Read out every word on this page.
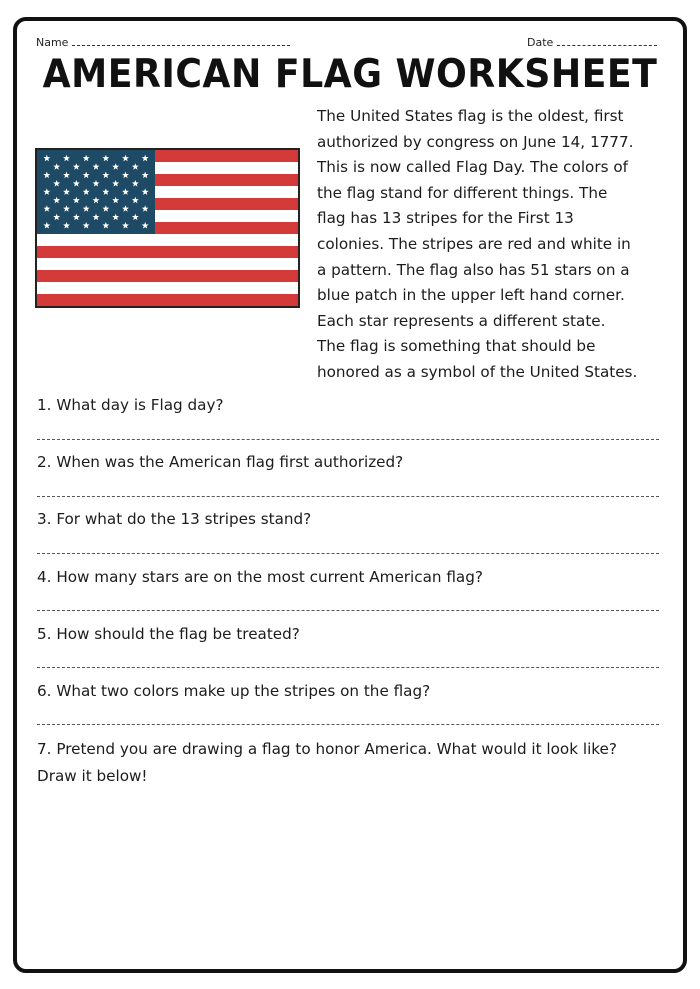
Name	Date
AMERICAN FLAG WORKSHEET
The United States flag is the oldest, first
authorized by congress on June 14, 1777.
This is now called Flag Day. The colors of
the flag stand for different things. The
flag has 13 stripes for the First 13
colonies. The stripes are red and white in
a pattern. The flag also has 51 stars on a
blue patch in the upper left hand corner.
Each star represents a different state.
The flag is something that should be
honored as a symbol of the United States.
1. What day is Flag day?
2. When was the American flag first authorized?
3. For what do the 13 stripes stand?
4. How many stars are on the most current American flag?
5. How should the flag be treated?
6. What two colors make up the stripes on the flag?
7. Pretend you are drawing a flag to honor America. What would it look like?
Draw it below!
